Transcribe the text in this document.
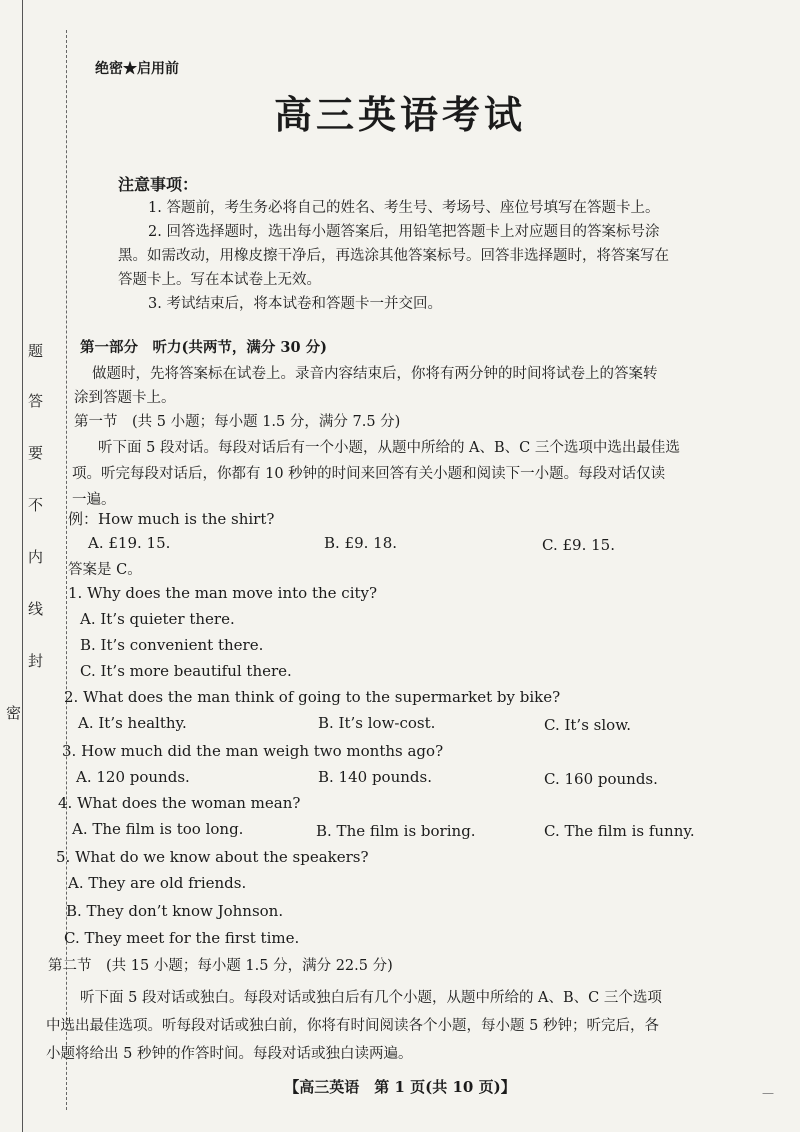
题
答
要
不
内
线
封
密
绝密★启用前
高三英语考试
注意事项：
1. 答题前，考生务必将自己的姓名、考生号、考场号、座位号填写在答题卡上。
2. 回答选择题时，选出每小题答案后，用铅笔把答题卡上对应题目的答案标号涂
黑。如需改动，用橡皮擦干净后，再选涂其他答案标号。回答非选择题时，将答案写在
答题卡上。写在本试卷上无效。
3. 考试结束后，将本试卷和答题卡一并交回。
第一部分　听力(共两节，满分 30 分)
做题时，先将答案标在试卷上。录音内容结束后，你将有两分钟的时间将试卷上的答案转
涂到答题卡上。
第一节　(共 5 小题；每小题 1.5 分，满分 7.5 分)
听下面 5 段对话。每段对话后有一个小题，从题中所给的 A、B、C 三个选项中选出最佳选
项。听完每段对话后，你都有 10 秒钟的时间来回答有关小题和阅读下一小题。每段对话仅读
一遍。
例：How much is the shirt?
A. £19. 15.	B. £9. 18.	C. £9. 15.
答案是 C。
1. Why does the man move into the city?
A. It’s quieter there.
B. It’s convenient there.
C. It’s more beautiful there.
2. What does the man think of going to the supermarket by bike?
A. It’s healthy.	B. It’s low-cost.	C. It’s slow.
3. How much did the man weigh two months ago?
A. 120 pounds.	B. 140 pounds.	C. 160 pounds.
4. What does the woman mean?
A. The film is too long.	B. The film is boring.	C. The film is funny.
5. What do we know about the speakers?
A. They are old friends.
B. They don’t know Johnson.
C. They meet for the first time.
第二节　(共 15 小题；每小题 1.5 分，满分 22.5 分)
听下面 5 段对话或独白。每段对话或独白后有几个小题，从题中所给的 A、B、C 三个选项
中选出最佳选项。听每段对话或独白前，你将有时间阅读各个小题，每小题 5 秒钟；听完后，各
小题将给出 5 秒钟的作答时间。每段对话或独白读两遍。
【高三英语　第 1 页(共 10 页)】	—
